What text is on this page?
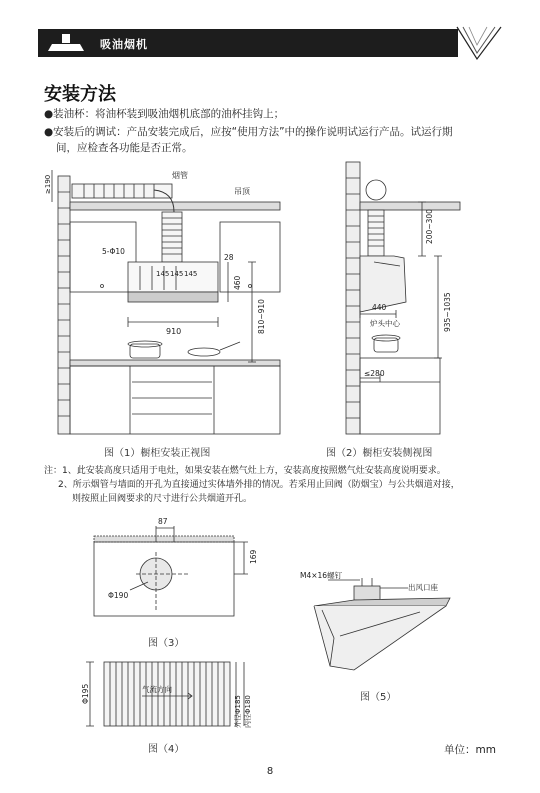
吸油烟机
安装方法
●装油杯：将油杯装到吸油烟机底部的油杯挂钩上；
●安装后的调试：产品安装完成后，应按“使用方法”中的操作说明试运行产品。试运行期
间，应检查各功能是否正常。
烟管
吊顶
5-Φ10
28
145 145 145
460
810~910
910
≥190
图（1）橱柜安装正视图
200~300
935~1035
440
炉头中心
≤280
图（2）橱柜安装侧视图
注：1、此安装高度只适用于电灶，如果安装在燃气灶上方，安装高度按照燃气灶安装高度说明要求。
2、所示烟管与墙面的开孔为直接通过实体墙外排的情况。若采用止回阀（防烟宝）与公共烟道对接，
则按照止回阀要求的尺寸进行公共烟道开孔。
87
169
Φ190
图（3）
Φ195	气流方向
外径Φ185 内径Φ180
图（4）
M4×16螺钉
出风口座
图（5）
单位：mm
8
